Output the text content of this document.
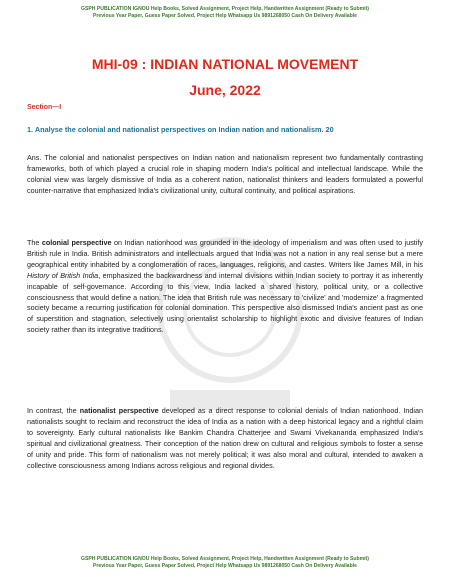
GSPH PUBLICATION IGNOU Help Books, Solved Assignment, Project Help, Handwritten Assignment (Ready to Submit)
Previous Year Paper, Guess Paper Solved, Project Help Whatsapp Us 9891268050 Cash On Delivery Available
MHI-09 : INDIAN NATIONAL MOVEMENT
June, 2022
Section—I
1. Analyse the colonial and nationalist perspectives on Indian nation and nationalism. 20
Ans. The colonial and nationalist perspectives on Indian nation and nationalism represent two fundamentally contrasting frameworks, both of which played a crucial role in shaping modern India's political and intellectual landscape. While the colonial view was largely dismissive of India as a coherent nation, nationalist thinkers and leaders formulated a powerful counter-narrative that emphasized India's civilizational unity, cultural continuity, and political aspirations.
The colonial perspective on Indian nationhood was grounded in the ideology of imperialism and was often used to justify British rule in India. British administrators and intellectuals argued that India was not a nation in any real sense but a mere geographical entity inhabited by a conglomeration of races, languages, religions, and castes. Writers like James Mill, in his History of British India, emphasized the backwardness and internal divisions within Indian society to portray it as inherently incapable of self-governance. According to this view, India lacked a shared history, political unity, or a collective consciousness that would define a nation. The idea that British rule was necessary to 'civilize' and 'modernize' a fragmented society became a recurring justification for colonial domination. This perspective also dismissed India's ancient past as one of superstition and stagnation, selectively using orientalist scholarship to highlight exotic and divisive features of Indian society rather than its integrative traditions.
In contrast, the nationalist perspective developed as a direct response to colonial denials of Indian nationhood. Indian nationalists sought to reclaim and reconstruct the idea of India as a nation with a deep historical legacy and a rightful claim to sovereignty. Early cultural nationalists like Bankim Chandra Chatterjee and Swami Vivekananda emphasized India's spiritual and civilizational greatness. Their conception of the nation drew on cultural and religious symbols to foster a sense of unity and pride. This form of nationalism was not merely political; it was also moral and cultural, intended to awaken a collective consciousness among Indians across religious and regional divides.
GSPH PUBLICATION IGNOU Help Books, Solved Assignment, Project Help, Handwritten Assignment (Ready to Submit)
Previous Year Paper, Guess Paper Solved, Project Help Whatsapp Us 9891268050 Cash On Delivery Available
